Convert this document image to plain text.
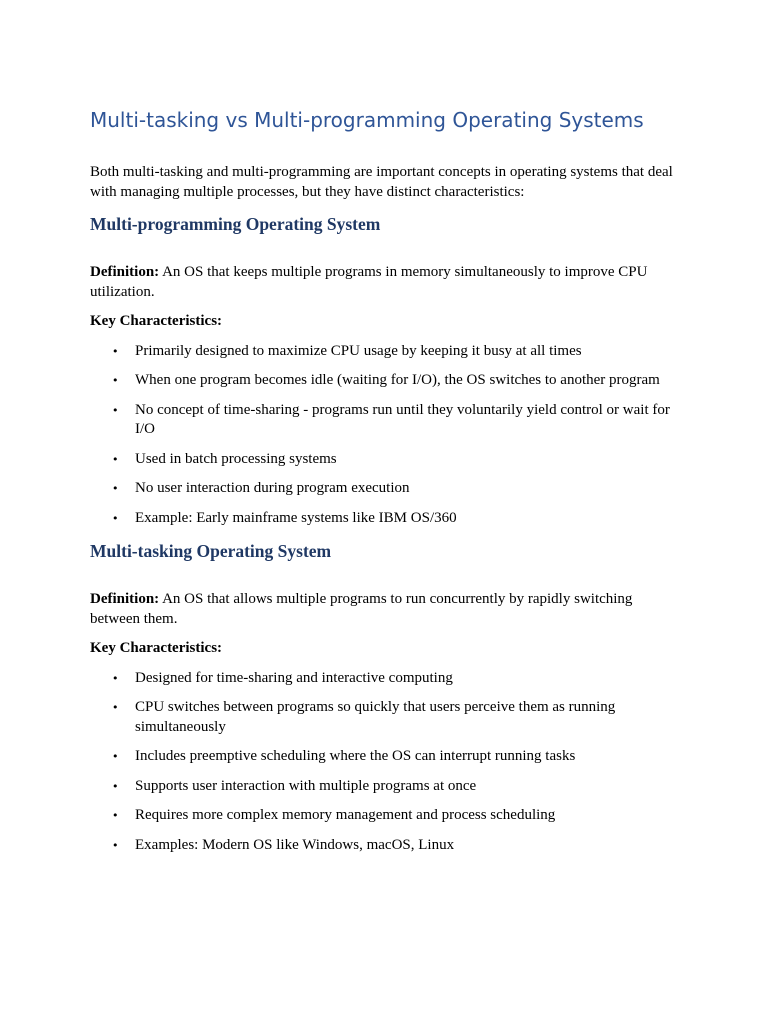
Multi-tasking vs Multi-programming Operating Systems

Both multi-tasking and multi-programming are important concepts in operating systems that deal with managing multiple processes, but they have distinct characteristics:

Multi-programming Operating System

Definition: An OS that keeps multiple programs in memory simultaneously to improve CPU utilization.

Key Characteristics:

• Primarily designed to maximize CPU usage by keeping it busy at all times
• When one program becomes idle (waiting for I/O), the OS switches to another program
• No concept of time-sharing - programs run until they voluntarily yield control or wait for I/O
• Used in batch processing systems
• No user interaction during program execution
• Example: Early mainframe systems like IBM OS/360
Multi-tasking Operating System

Definition: An OS that allows multiple programs to run concurrently by rapidly switching between them.

Key Characteristics:

• Designed for time-sharing and interactive computing
• CPU switches between programs so quickly that users perceive them as running simultaneously
• Includes preemptive scheduling where the OS can interrupt running tasks
• Supports user interaction with multiple programs at once
• Requires more complex memory management and process scheduling
• Examples: Modern OS like Windows, macOS, Linux
